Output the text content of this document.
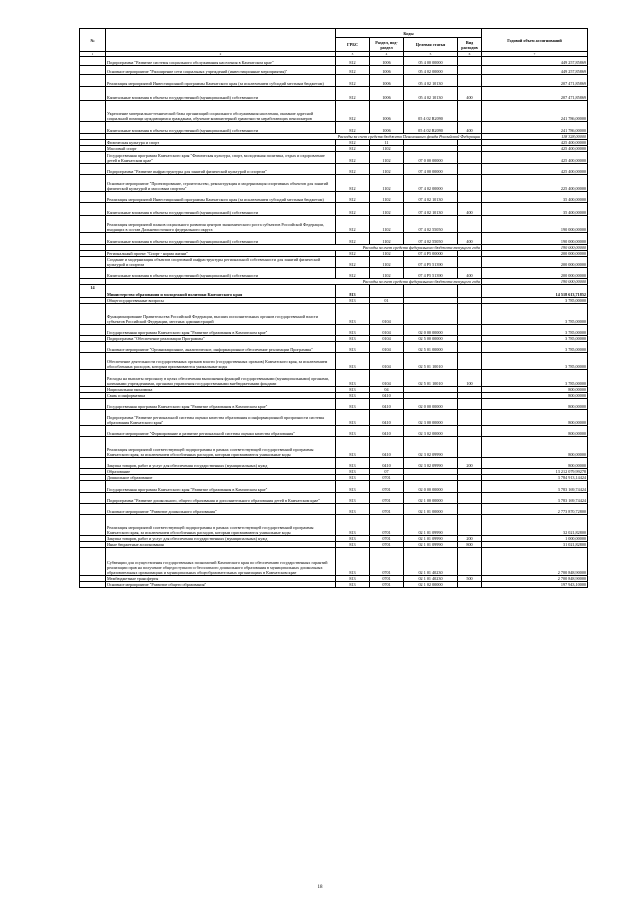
№		Коды				Годовой объем ассигнований
		ГРБС	Раздел, под-раздел	Целевая статья	Вид расходов	
1	2	3	4	5	6	7
	Подпрограмма "Развитие системы социального обслуживания населения в Камчатском крае"	812	1006	05 4 00 00000		449 257,85869
	Основное мероприятие "Расширение сети социальных учреждений (инвестиционные мероприятия)"	812	1006	05 4 02 00000		449 257,85869
	Реализация мероприятий Инвестиционной программы Камчатского края (за исключением субсидий местным бюджетам)	812	1006	05 4 02 10130		207 471,85869
	Капитальные вложения в объекты государственной (муниципальной) собственности	812	1006	05 4 02 10130	400	207 471,85869
	Укрепление материально-технической базы организаций социального обслуживания населения, оказание адресной социальной помощи нуждающимся гражданам, обучение компьютерной грамотности неработающих пенсионеров	812	1006	05 4 02 R2090		241 786,00000
	Капитальные вложения в объекты государственной (муниципальной) собственности	812	1006	05 4 02 R2090	400	241 786,00000
	Расходы за счет средств бюджета Пенсионного фонда Российской Федерации					118 328,00000
	Физическая культура и спорт	812	11			425 400,00000
	Массовый спорт	812	1102			425 400,00000
	Государственная программа Камчатского края "Физическая культура, спорт, молодежная политика, отдых и оздоровление детей в Камчатском крае"	812	1102	07 0 00 00000		425 400,00000
	Подпрограмма "Развитие инфраструктуры для занятий физической культурой и спортом"	812	1102	07 4 00 00000		425 400,00000
	Основное мероприятие "Проектирование, строительство, реконструкция и модернизация спортивных объектов для занятий физической культурой и массовым спортом"	812	1102	07 4 02 00000		225 400,00000
	Реализация мероприятий Инвестиционной программы Камчатского края (за исключением субсидий местным бюджетам)	812	1102	07 4 02 10130		35 400,00000
	Капитальные вложения в объекты государственной (муниципальной) собственности	812	1102	07 4 02 10130	400	35 400,00000
	Реализация мероприятий планов социального развития центров экономического роста субъектов Российской Федерации, входящих в состав Дальневосточного федерального округа	812	1102	07 4 02 55050		190 000,00000
	Капитальные вложения в объекты государственной (муниципальной) собственности	812	1102	07 4 02 55050	400	190 000,00000
	Расходы за счет средств федерального бюджета текущего года					190 000,00000
	Региональный проект "Спорт - норма жизни"	812	1102	07 4 P5 00000		200 000,00000
	Создание и модернизация объектов спортивной инфраструктуры региональной собственности для занятий физической культурой и спортом	812	1102	07 4 P5 51390		200 000,00000
	Капитальные вложения в объекты государственной (муниципальной) собственности	812	1102	07 4 P5 51390	400	200 000,00000
	Расходы за счет средств федерального бюджета текущего года					190 000,00000
14	Министерство образования и молодежной политики Камчатского края	813				14 518 613,71852
	Общегосударственные вопросы	813	01			3 785,00000
	Функционирование Правительства Российской Федерации, высших исполнительных органов государственной власти субъектов Российской Федерации, местных администраций	813	0104			3 785,00000
	Государственная программа Камчатского края "Развитие образования в Камчатском крае"	813	0104	02 0 00 00000		3 785,00000
	Подпрограмма "Обеспечение реализации Программы"	813	0104	02 5 00 00000		3 785,00000
	Основное мероприятие "Организационное, аналитическое, информационное обеспечение реализации Программы"	813	0104	02 5 01 00000		3 785,00000
	Обеспечение деятельности государственных органов власти (государственных органов) Камчатского края, за исключением обособленных расходов, которым присваиваются уникальные коды	813	0104	02 5 01 10010		3 785,00000
	Расходы на выплаты персоналу в целях обеспечения выполнения функций государственными (муниципальными) органами, казенными учреждениями, органами управления государственными внебюджетными фондами	813	0104	02 5 01 10010	100	3 785,00000
	Национальная экономика	813	04			800,00000
	Связь и информатика	813	0410			800,00000
	Государственная программа Камчатского края "Развитие образования в Камчатском крае"	813	0410	02 0 00 00000		800,00000
	Подпрограмма "Развитие региональной системы оценки качества образования и информационной прозрачности системы образования Камчатского края"	813	0410	02 3 00 00000		800,00000
	Основное мероприятие "Формирование и развитие региональной системы оценки качества образования"	813	0410	02 3 02 00000		800,00000
	Реализация мероприятий соответствующей подпрограммы в рамках соответствующей государственной программы Камчатского края, за исключением обособленных расходов, которым присваиваются уникальные коды	813	0410	02 3 02 09990		800,00000
	Закупка товаров, работ и услуг для обеспечения государственных (муниципальных) нужд	813	0410	02 3 02 09990	200	800,00000
	Образование	813	07			13 212 079,99278
	Дошкольное образование	813	0701			3 784 913,14424
	Государственная программа Камчатского края "Развитие образования в Камчатском крае"	813	0701	02 0 00 00000		3 783 169,74424
	Подпрограмма "Развитие дошкольного, общего образования и дополнительного образования детей в Камчатском крае"	813	0701	02 1 00 00000		3 783 169,74424
	Основное мероприятие "Развитие дошкольного образования"	813	0701	02 1 01 00000		2 773 870,72800
	Реализация мероприятий соответствующей подпрограммы в рамках соответствующей государственной программы Камчатского края, за исключением обособленных расходов, которым присваиваются уникальные коды	813	0701	02 1 01 09990		32 021,82800
	Закупка товаров, работ и услуг для обеспечения государственных (муниципальных) нужд	813	0701	02 1 01 09990	200	1 000,00000
	Иные бюджетные ассигнования	813	0701	02 1 01 09990	800	31 021,82800
	Субвенции для осуществления государственных полномочий Камчатского края по обеспечению государственных гарантий реализации прав на получение общедоступного и бесплатного дошкольного образования в муниципальных дошкольных образовательных организациях и муниципальных общеобразовательных организациях в Камчатском крае	813	0701	02 1 01 40230		2 700 848,90000
	Межбюджетные трансферты	813	0701	02 1 01 40230	500	2 700 848,90000
	Основное мероприятие "Развитие общего образования"	813	0701	02 1 02 00000		197 943,10000
18
